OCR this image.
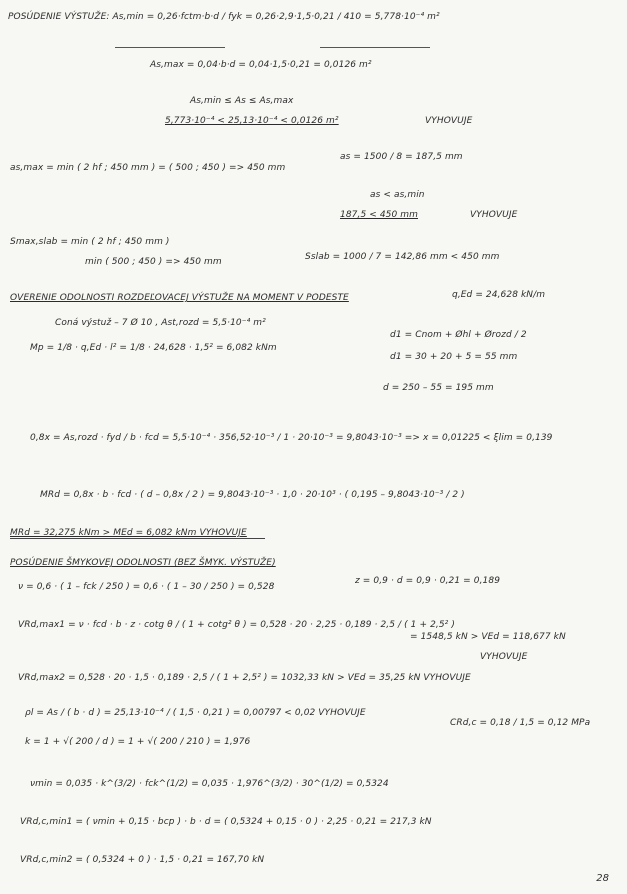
POSÚDENIE VÝSTUŽE: As,min = 0,26·fctm·b·d / fyk = 0,26·2,9·1,5·0,21 / 410 = 5,778·10⁻⁴ m²
As,max = 0,04·b·d = 0,04·1,5·0,21 = 0,0126 m²
As,min ≤ As ≤ As,max
5,773·10⁻⁴ < 25,13·10⁻⁴ < 0,0126 m²	VYHOVUJE
as,max = min ( 2 hf ; 450 mm ) = ( 500 ; 450 ) => 450 mm
as = 1500 / 8 = 187,5 mm
as < as,min
187,5 < 450 mm	VYHOVUJE
Smax,slab = min ( 2 hf ; 450 mm )
min ( 500 ; 450 ) => 450 mm	Sslab = 1000 / 7 = 142,86 mm < 450 mm
OVERENIE ODOLNOSTI ROZDEĽOVACEJ VÝSTUŽE NA MOMENT V PODESTE	q,Ed = 24,628 kN/m
Coná výstuž – 7 Ø 10 , Ast,rozd = 5,5·10⁻⁴ m²
Mp = 1/8 · q,Ed · l² = 1/8 · 24,628 · 1,5² = 6,082 kNm
d1 = Cnom + Øhl + Ørozd / 2
d1 = 30 + 20 + 5 = 55 mm
d = 250 – 55 = 195 mm
0,8x = As,rozd · fyd / b · fcd = 5,5·10⁻⁴ · 356,52·10⁻³ / 1 · 20·10⁻³ = 9,8043·10⁻³ => x = 0,01225 < ξlim = 0,139
MRd = 0,8x · b · fcd · ( d – 0,8x / 2 ) = 9,8043·10⁻³ · 1,0 · 20·10³ · ( 0,195 – 9,8043·10⁻³ / 2 )
MRd = 32,275 kNm > MEd = 6,082 kNm VYHOVUJE
POSÚDENIE ŠMYKOVEJ ODOLNOSTI (BEZ ŠMYK. VÝSTUŽE)
ν = 0,6 · ( 1 – fck / 250 ) = 0,6 · ( 1 – 30 / 250 ) = 0,528
z = 0,9 · d = 0,9 · 0,21 = 0,189
VRd,max1 = ν · fcd · b · z · cotg θ / ( 1 + cotg² θ ) = 0,528 · 20 · 2,25 · 0,189 · 2,5 / ( 1 + 2,5² )
= 1548,5 kN > VEd = 118,677 kN
VYHOVUJE
VRd,max2 = 0,528 · 20 · 1,5 · 0,189 · 2,5 / ( 1 + 2,5² ) = 1032,33 kN > VEd = 35,25 kN VYHOVUJE
ρl = As / ( b · d ) = 25,13·10⁻⁴ / ( 1,5 · 0,21 ) = 0,00797 < 0,02 VYHOVUJE
k = 1 + √( 200 / d ) = 1 + √( 200 / 210 ) = 1,976
CRd,c = 0,18 / 1,5 = 0,12 MPa
νmin = 0,035 · k^(3/2) · fck^(1/2) = 0,035 · 1,976^(3/2) · 30^(1/2) = 0,5324
VRd,c,min1 = ( νmin + 0,15 · bcp ) · b · d = ( 0,5324 + 0,15 · 0 ) · 2,25 · 0,21 = 217,3 kN
VRd,c,min2 = ( 0,5324 + 0 ) · 1,5 · 0,21 = 167,70 kN
28
